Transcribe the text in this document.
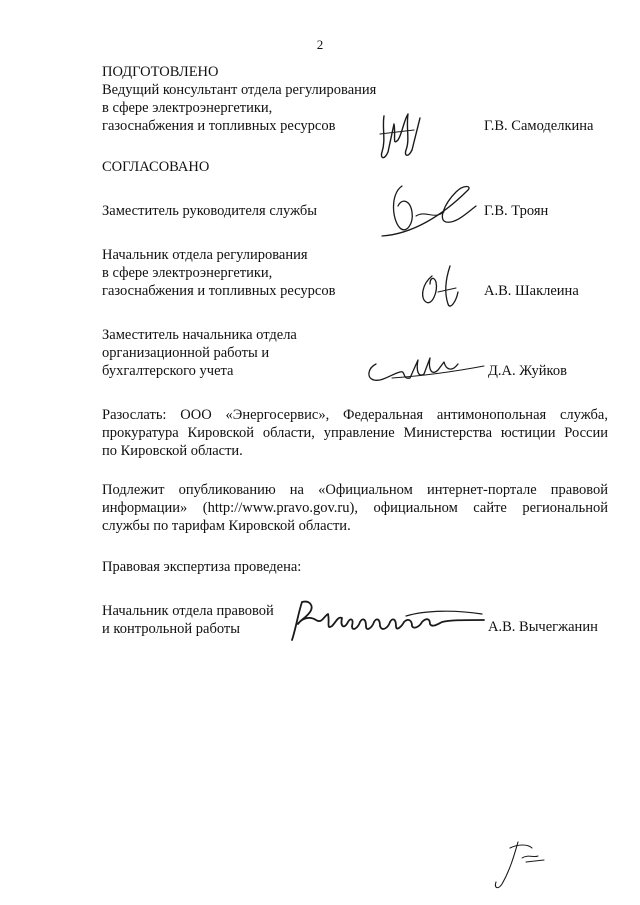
2
ПОДГОТОВЛЕНО
Ведущий консультант отдела регулирования
в сфере электроэнергетики,
газоснабжения и топливных ресурсов	Г.В. Самоделкина
СОГЛАСОВАНО
Заместитель руководителя службы	Г.В. Троян
Начальник отдела регулирования
в сфере электроэнергетики,
газоснабжения и топливных ресурсов	А.В. Шаклеина
Заместитель начальника отдела
организационной работы и
бухгалтерского учета	Д.А. Жуйков
Разослать: ООО «Энергосервис», Федеральная антимонопольная служба,
прокуратура Кировской области, управление Министерства юстиции России
по Кировской области.
Подлежит опубликованию на «Официальном интернет-портале правовой
информации» (http://www.pravo.gov.ru), официальном сайте региональной
службы по тарифам Кировской области.
Правовая экспертиза проведена:
Начальник отдела правовой
и контрольной работы	А.В. Вычегжанин
